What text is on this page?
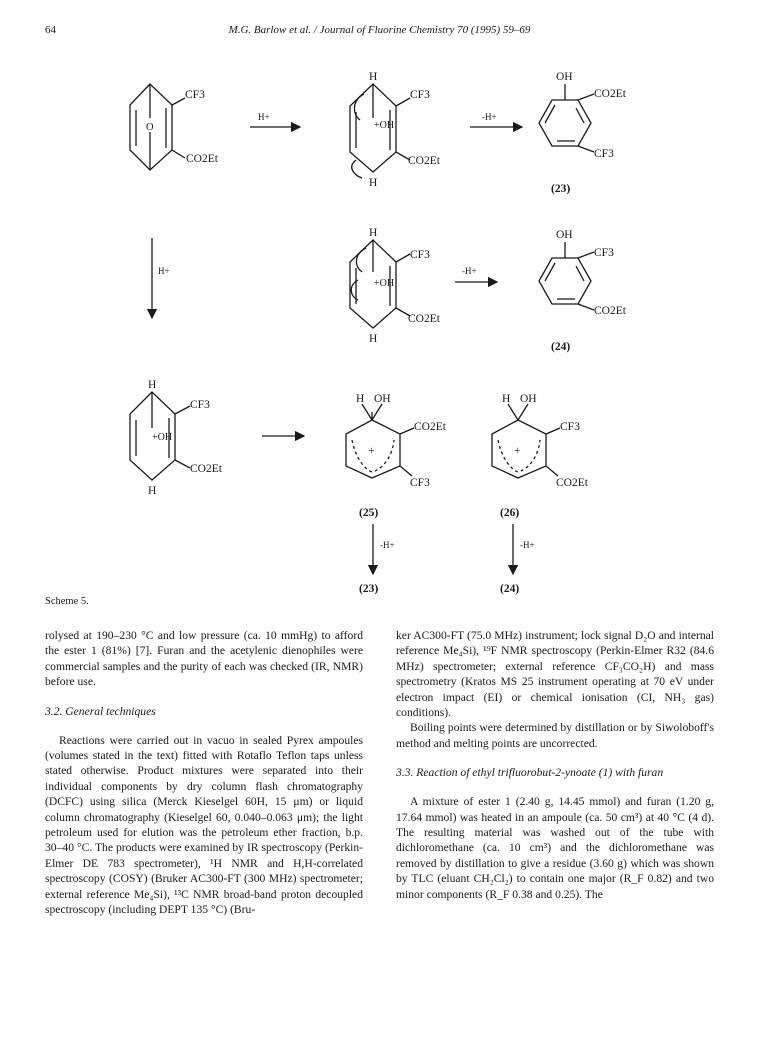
64	M.G. Barlow et al. / Journal of Fluorine Chemistry 70 (1995) 59–69
CF3
O
CO2Et
H+
H
CF3
+OH
CO2Et
H
-H+
OH
CO2Et
CF3
(23)
H+
H
CF3
+OH
CO2Et
H
-H+
OH
CF3
CO2Et
(24)
H
CF3
+OH
CO2Et
H
H OH
+
CO2Et
CF3
(25)
H OH
+
CF3
CO2Et
(26)
-H+	-H+
(23)	(24)
Scheme 5.

rolysed at 190–230 °C and low pressure (ca. 10 mmHg) to afford the ester 1 (81%) [7]. Furan and the acetylenic dienophiles were commercial samples and the purity of each was checked (IR, NMR) before use.

3.2. General techniques

Reactions were carried out in vacuo in sealed Pyrex ampoules (volumes stated in the text) fitted with Rotaflo Teflon taps unless stated otherwise. Product mixtures were separated into their individual components by dry column flash chromatography (DCFC) using silica (Merck Kieselgel 60H, 15 μm) or liquid column chromatography (Kieselgel 60, 0.040–0.063 μm); the light petroleum used for elution was the petroleum ether fraction, b.p. 30–40 °C. The products were examined by IR spectroscopy (Perkin-Elmer DE 783 spectrometer), ¹H NMR and H,H-correlated spectroscopy (COSY) (Bruker AC300-FT (300 MHz) spectrometer; external reference Me₄Si), ¹³C NMR broad-band proton decoupled spectroscopy (including DEPT 135 °C) (Bru-

ker AC300-FT (75.0 MHz) instrument; lock signal D₂O and internal reference Me₄Si), ¹⁹F NMR spectroscopy (Perkin-Elmer R32 (84.6 MHz) spectrometer; external reference CF₃CO₂H) and mass spectrometry (Kratos MS 25 instrument operating at 70 eV under electron impact (EI) or chemical ionisation (CI, NH₃ gas) conditions).

Boiling points were determined by distillation or by Siwoloboff's method and melting points are uncorrected.

3.3. Reaction of ethyl trifluorobut-2-ynoate (1) with furan

A mixture of ester 1 (2.40 g, 14.45 mmol) and furan (1.20 g, 17.64 mmol) was heated in an ampoule (ca. 50 cm³) at 40 °C (4 d). The resulting material was washed out of the tube with dichloromethane (ca. 10 cm³) and the dichloromethane was removed by distillation to give a residue (3.60 g) which was shown by TLC (eluant CH₂Cl₂) to contain one major (R_F 0.82) and two minor components (R_F 0.38 and 0.25). The
